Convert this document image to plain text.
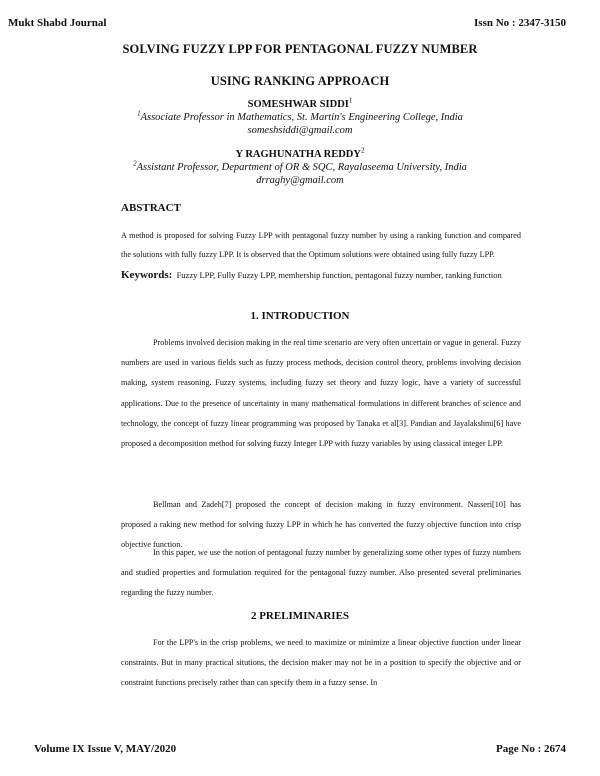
Mukt Shabd Journal	Issn No : 2347-3150
SOLVING FUZZY LPP FOR PENTAGONAL FUZZY NUMBER
USING RANKING APPROACH
SOMESHWAR SIDDI$^1$
$^1$Associate Professor in Mathematics, St. Martin's Engineering College, India
someshsiddi@gmail.com
Y RAGHUNATHA REDDY$^2$
$^2$Assistant Professor, Department of OR & SQC, Rayalaseema University, India
drraghy@gmail.com
ABSTRACT
A method is proposed for solving Fuzzy LPP with pentagonal fuzzy number by using a ranking function and compared the solutions with fully fuzzy LPP. It is observed that the Optimum solutions were obtained using fully fuzzy LPP.
Keywords: Fuzzy LPP, Fully Fuzzy LPP, membership function, pentagonal fuzzy number, ranking function
1. INTRODUCTION
Problems involved decision making in the real time scenario are very often uncertain or vague in general. Fuzzy numbers are used in various fields such as fuzzy process methods, decision control theory, problems involving decision making, system reasoning. Fuzzy systems, including fuzzy set theory and fuzzy logic, have a variety of successful applications. Due to the presence of uncertainty in many mathematical formulations in different branches of science and technology, the concept of fuzzy linear programming was proposed by Tanaka et al[3]. Pandian and Jayalakshmi[6] have proposed a decomposition method for solving fuzzy Integer LPP with fuzzy variables by using classical integer LPP.
Bellman and Zadeh[7] proposed the concept of decision making in fuzzy environment. Nasseri[10] has proposed a raking new method for solving fuzzy LPP in which he has converted the fuzzy objective function into crisp objective function.
In this paper, we use the notion of pentagonal fuzzy number by generalizing some other types of fuzzy numbers and studied properties and formulation required for the pentagonal fuzzy number. Also presented several preliminaries regarding the fuzzy number.
2 PRELIMINARIES
For the LPP's in the crisp problems, we need to maximize or minimize a linear objective function under linear constraints. But in many practical situtions, the decision maker may not be in a position to specify the objective and or constraint functions precisely rather than can specify them in a fuzzy sense. In
Volume IX Issue V, MAY/2020	Page No : 2674
